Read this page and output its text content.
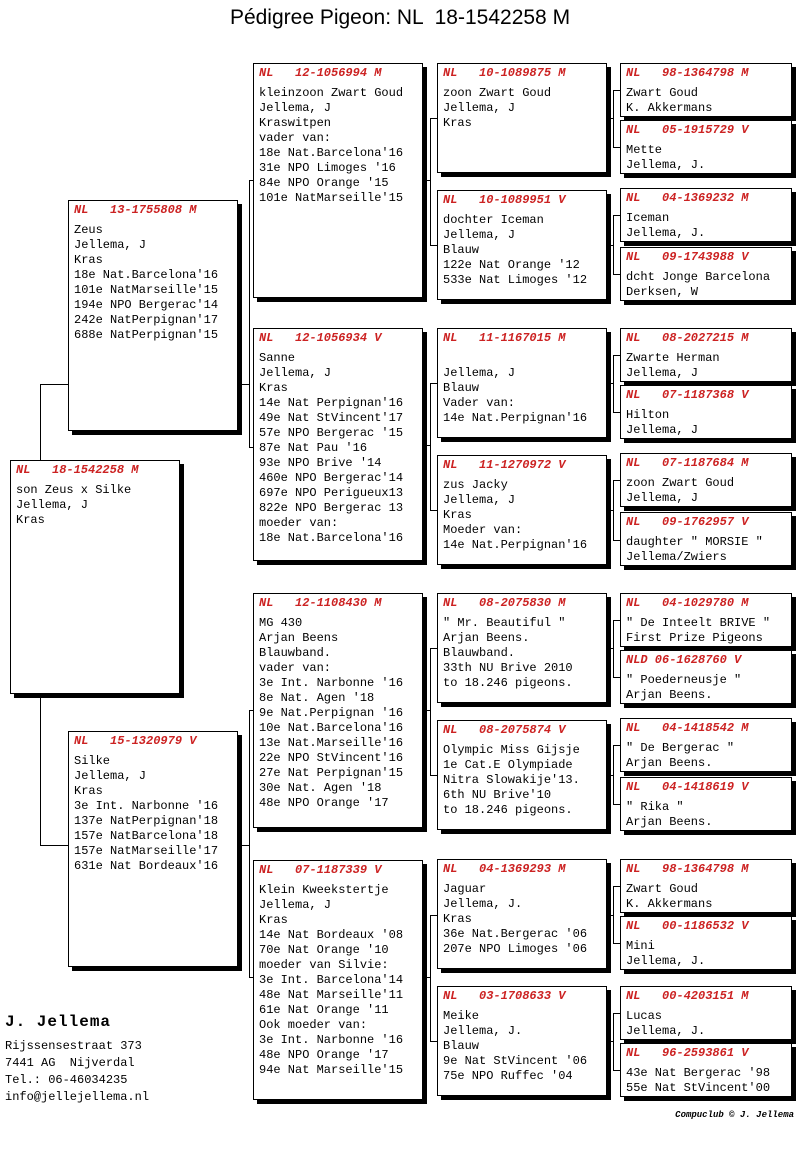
Pédigree Pigeon: NL  18-1542258 M
NL   13-1755808 M
Zeus
Jellema, J
Kras
18e Nat.Barcelona'16
101e NatMarseille'15
194e NPO Bergerac'14
242e NatPerpignan'17
688e NatPerpignan'15
NL   18-1542258 M
son Zeus x Silke
Jellema, J
Kras
NL   15-1320979 V
Silke
Jellema, J
Kras
3e Int. Narbonne '16
137e NatPerpignan'18
157e NatBarcelona'18
157e NatMarseille'17
631e Nat Bordeaux'16
NL   12-1056994 M
kleinzoon Zwart Goud
Jellema, J
Kraswitpen
vader van:
18e Nat.Barcelona'16
31e NPO Limoges '16
84e NPO Orange '15
101e NatMarseille'15
NL   12-1056934 V
Sanne
Jellema, J
Kras
14e Nat Perpignan'16
49e Nat StVincent'17
57e NPO Bergerac '15
87e Nat Pau '16
93e NPO Brive '14
460e NPO Bergerac'14
697e NPO Perigueux13
822e NPO Bergerac 13
moeder van:
18e Nat.Barcelona'16
NL   12-1108430 M
MG 430
Arjan Beens
Blauwband.
vader van:
3e Int. Narbonne '16
8e Nat. Agen '18
9e Nat.Perpignan '16
10e Nat.Barcelona'16
13e Nat.Marseille'16
22e NPO StVincent'16
27e Nat Perpignan'15
30e Nat. Agen '18
48e NPO Orange '17
NL   07-1187339 V
Klein Kweekstertje
Jellema, J
Kras
14e Nat Bordeaux '08
70e Nat Orange '10
moeder van Silvie:
3e Int. Barcelona'14
48e Nat Marseille'11
61e Nat Orange '11
Ook moeder van:
3e Int. Narbonne '16
48e NPO Orange '17
94e Nat Marseille'15
NL   10-1089875 M
zoon Zwart Goud
Jellema, J
Kras
NL   10-1089951 V
dochter Iceman
Jellema, J
Blauw
122e Nat Orange '12
533e Nat Limoges '12
NL   11-1167015 M
Jellema, J
Blauw
Vader van:
14e Nat.Perpignan'16
NL   11-1270972 V
zus Jacky
Jellema, J
Kras
Moeder van:
14e Nat.Perpignan'16
NL   08-2075830 M
" Mr. Beautiful "
Arjan Beens.
Blauwband.
33th NU Brive 2010
to 18.246 pigeons.
NL   08-2075874 V
Olympic Miss Gijsje
1e Cat.E Olympiade
Nitra Slowakije'13.
6th NU Brive'10
to 18.246 pigeons.
NL   04-1369293 M
Jaguar
Jellema, J.
Kras
36e Nat.Bergerac '06
207e NPO Limoges '06
NL   03-1708633 V
Meike
Jellema, J.
Blauw
9e Nat StVincent '06
75e NPO Ruffec '04
NL   98-1364798 M
Zwart Goud
K. Akkermans
NL   05-1915729 V
Mette
Jellema, J.
NL   04-1369232 M
Iceman
Jellema, J.
NL   09-1743988 V
dcht Jonge Barcelona
Derksen, W
NL   08-2027215 M
Zwarte Herman
Jellema, J
NL   07-1187368 V
Hilton
Jellema, J
NL   07-1187684 M
zoon Zwart Goud
Jellema, J
NL   09-1762957 V
daughter " MORSIE "
Jellema/Zwiers
NL   04-1029780 M
" De Inteelt BRIVE "
First Prize Pigeons
NLD 06-1628760 V
" Poederneusje "
Arjan Beens.
NL   04-1418542 M
" De Bergerac "
Arjan Beens.
NL   04-1418619 V
" Rika "
Arjan Beens.
NL   98-1364798 M
Zwart Goud
K. Akkermans
NL   00-1186532 V
Mini
Jellema, J.
NL   00-4203151 M
Lucas
Jellema, J.
NL   96-2593861 V
43e Nat Bergerac '98
55e Nat StVincent'00
J. Jellema
Rijssensestraat 373
7441 AG  Nijverdal
Tel.: 06-46034235
info@jellejellema.nl
Compuclub © J. Jellema
